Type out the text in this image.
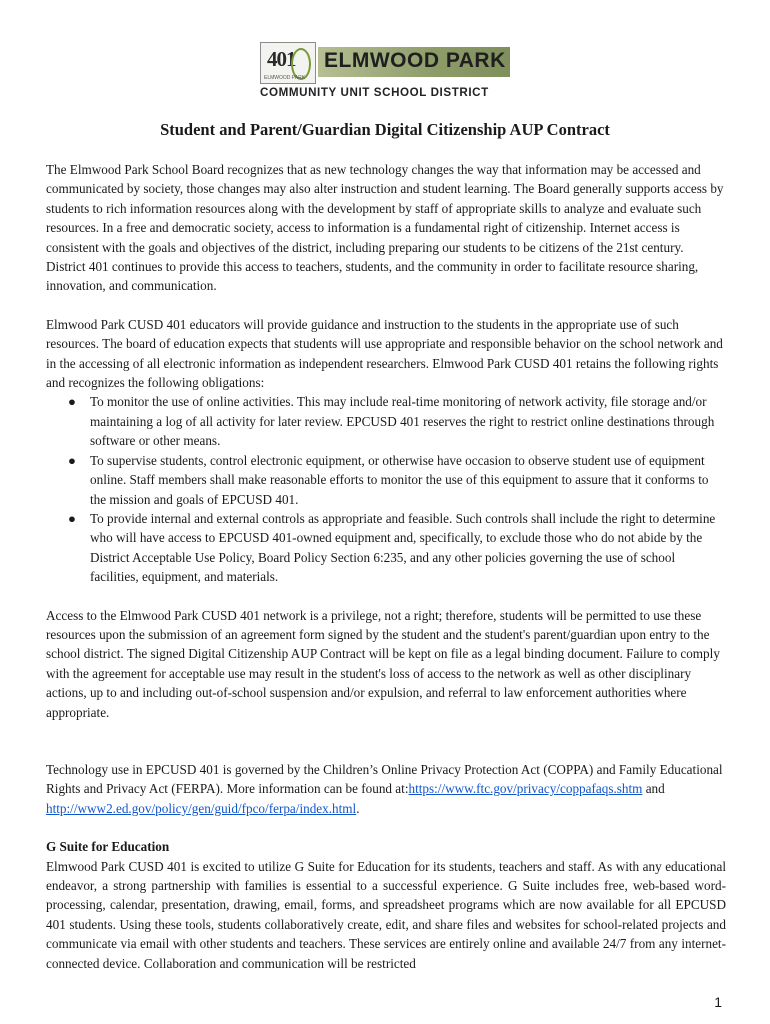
401
ELMWOOD PARK
ELMWOOD PARK
COMMUNITY UNIT SCHOOL DISTRICT
Student and Parent/Guardian Digital Citizenship AUP Contract

The Elmwood Park School Board recognizes that as new technology changes the way that information may be accessed and communicated by society, those changes may also alter instruction and student learning. The Board generally supports access by students to rich information resources along with the development by staff of appropriate skills to analyze and evaluate such resources. In a free and democratic society, access to information is a fundamental right of citizenship. Internet access is consistent with the goals and objectives of the district, including preparing our students to be citizens of the 21st century. District 401 continues to provide this access to teachers, students, and the community in order to facilitate resource sharing, innovation, and communication.

Elmwood Park CUSD 401 educators will provide guidance and instruction to the students in the appropriate use of such resources. The board of education expects that students will use appropriate and responsible behavior on the school network and in the accessing of all electronic information as independent researchers. Elmwood Park CUSD 401 retains the following rights and recognizes the following obligations:

● To monitor the use of online activities. This may include real-time monitoring of network activity, file storage and/or maintaining a log of all activity for later review. EPCUSD 401 reserves the right to restrict online destinations through software or other means.
● To supervise students, control electronic equipment, or otherwise have occasion to observe student use of equipment online. Staff members shall make reasonable efforts to monitor the use of this equipment to assure that it conforms to the mission and goals of EPCUSD 401.
● To provide internal and external controls as appropriate and feasible. Such controls shall include the right to determine who will have access to EPCUSD 401-owned equipment and, specifically, to exclude those who do not abide by the District Acceptable Use Policy, Board Policy Section 6:235, and any other policies governing the use of school facilities, equipment, and materials.

Access to the Elmwood Park CUSD 401 network is a privilege, not a right; therefore, students will be permitted to use these resources upon the submission of an agreement form signed by the student and the student's parent/guardian upon entry to the school district. The signed Digital Citizenship AUP Contract will be kept on file as a legal binding document. Failure to comply with the agreement for acceptable use may result in the student's loss of access to the network as well as other disciplinary actions, up to and including out-of-school suspension and/or expulsion, and referral to law enforcement authorities where appropriate.

Technology use in EPCUSD 401 is governed by the Children’s Online Privacy Protection Act (COPPA) and Family Educational Rights and Privacy Act (FERPA). More information can be found at:https://www.ftc.gov/privacy/coppafaqs.shtm and http://www2.ed.gov/policy/gen/guid/fpco/ferpa/index.html.

G Suite for Education

Elmwood Park CUSD 401 is excited to utilize G Suite for Education for its students, teachers and staff. As with any educational endeavor, a strong partnership with families is essential to a successful experience. G Suite includes free, web-based word-processing, calendar, presentation, drawing, email, forms, and spreadsheet programs which are now available for all EPCUSD 401 students. Using these tools, students collaboratively create, edit, and share files and websites for school-related projects and communicate via email with other students and teachers. These services are entirely online and available 24/7 from any internet-connected device. Collaboration and communication will be restricted

1
